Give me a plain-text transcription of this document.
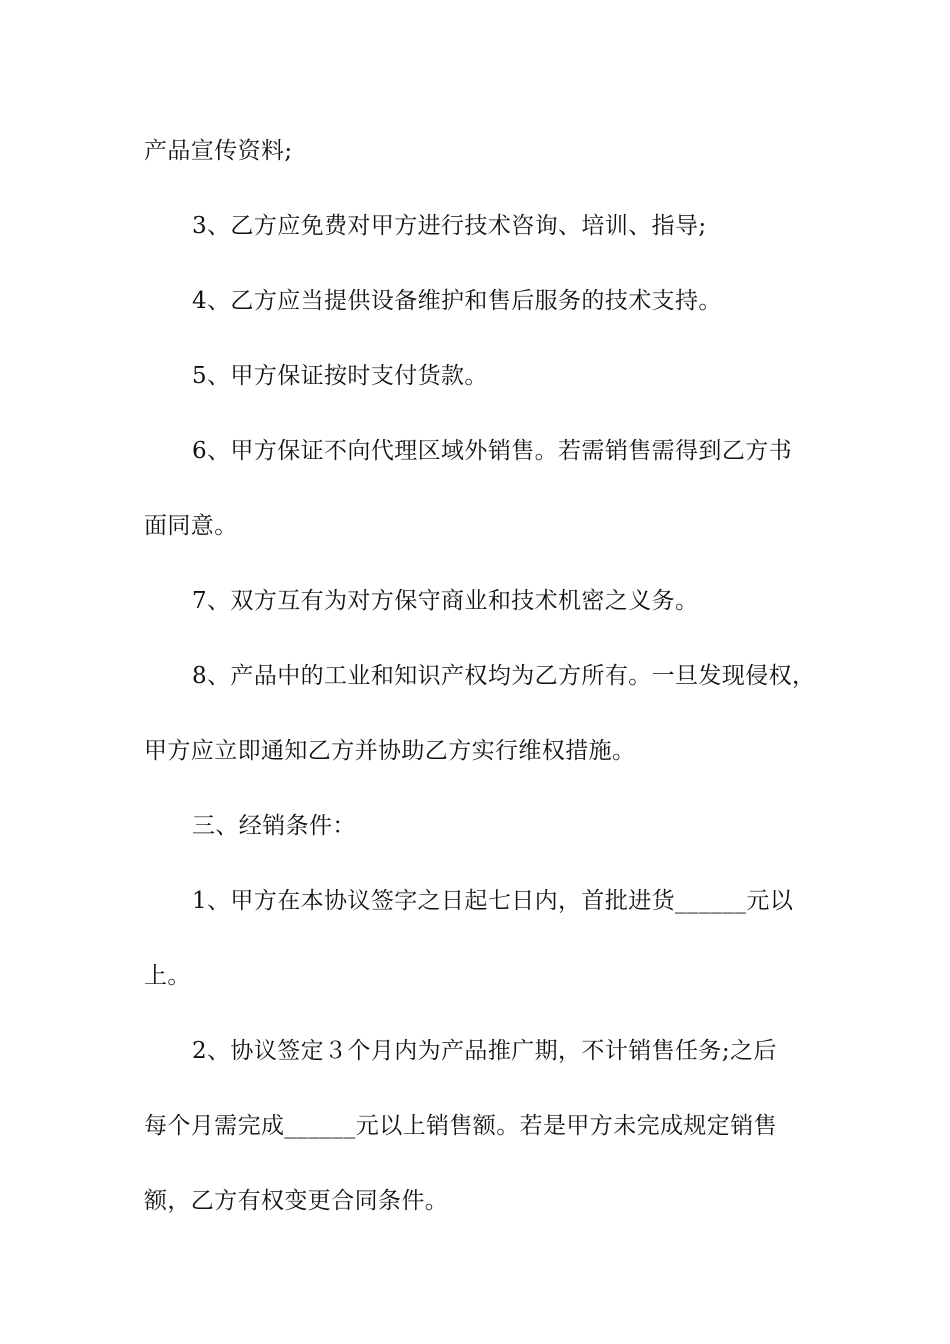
产品宣传资料;
3、乙方应免费对甲方进行技术咨询、培训、指导;
4、乙方应当提供设备维护和售后服务的技术支持。
5、甲方保证按时支付货款。
6、甲方保证不向代理区域外销售。若需销售需得到乙方书
面同意。
7、双方互有为对方保守商业和技术机密之义务。
8、产品中的工业和知识产权均为乙方所有。一旦发现侵权，
甲方应立即通知乙方并协助乙方实行维权措施。
三、经销条件：
1、甲方在本协议签字之日起七日内，首批进货______元以
上。
2、协议签定３个月内为产品推广期，不计销售任务;之后
每个月需完成______元以上销售额。若是甲方未完成规定销售
额，乙方有权变更合同条件。
